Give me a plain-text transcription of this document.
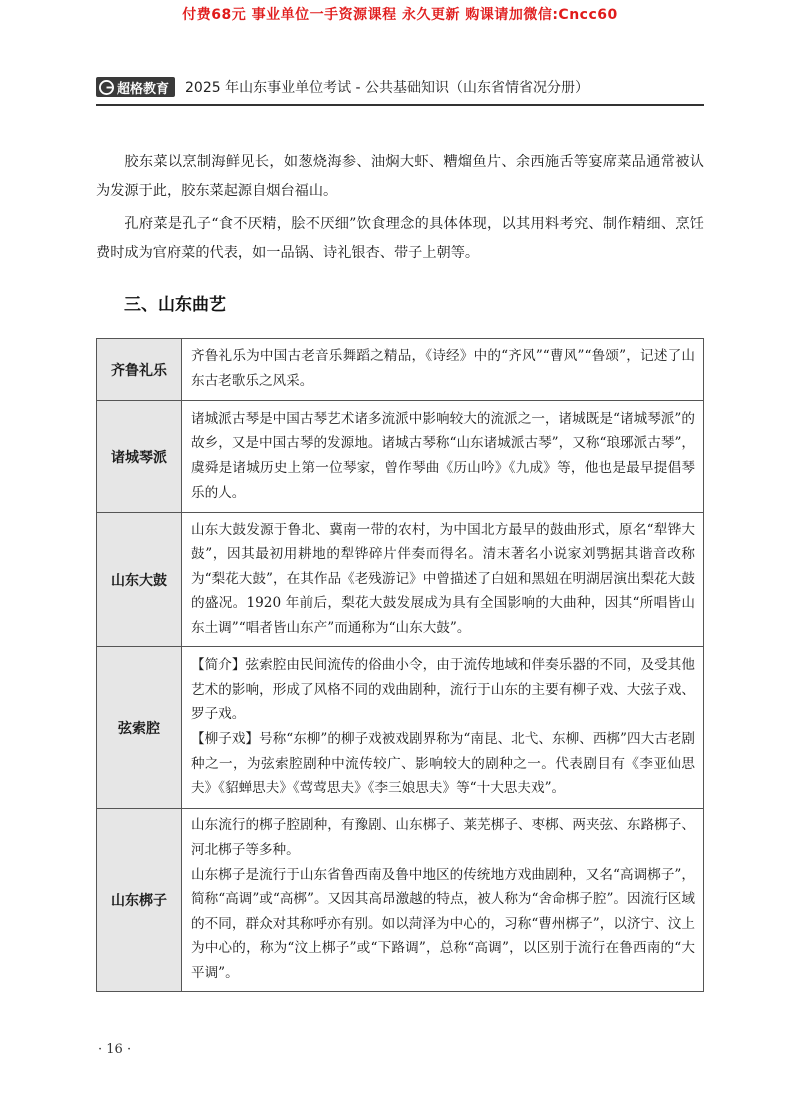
付费68元 事业单位一手资源课程 永久更新 购课请加微信:Cncc60
超格教育 2025 年山东事业单位考试 - 公共基础知识（山东省情省况分册）

胶东菜以烹制海鲜见长，如葱烧海参、油焖大虾、糟熘鱼片、余西施舌等宴席菜品通常被认为发源于此，胶东菜起源自烟台福山。

孔府菜是孔子“食不厌精，脍不厌细”饮食理念的具体体现，以其用料考究、制作精细、烹饪费时成为官府菜的代表，如一品锅、诗礼银杏、带子上朝等。

三、山东曲艺
齐鲁礼乐	齐鲁礼乐为中国古老音乐舞蹈之精品，《诗经》中的“齐风”“曹风”“鲁颂”，记述了山东古老歌乐之风采。

诸城琴派	诸城派古琴是中国古琴艺术诸多流派中影响较大的流派之一，诸城既是“诸城琴派”的故乡，又是中国古琴的发源地。诸城古琴称“山东诸城派古琴”，又称“琅琊派古琴”，虞舜是诸城历史上第一位琴家，曾作琴曲《历山吟》《九成》等，他也是最早提倡琴乐的人。

山东大鼓	山东大鼓发源于鲁北、冀南一带的农村，为中国北方最早的鼓曲形式，原名“犁铧大鼓”，因其最初用耕地的犁铧碎片伴奏而得名。清末著名小说家刘鹗据其谐音改称为“梨花大鼓”，在其作品《老残游记》中曾描述了白妞和黑妞在明湖居演出梨花大鼓的盛况。1920 年前后，梨花大鼓发展成为具有全国影响的大曲种，因其“所唱皆山东土调”“唱者皆山东产”而通称为“山东大鼓”。

弦索腔	【简介】弦索腔由民间流传的俗曲小令，由于流传地域和伴奏乐器的不同，及受其他艺术的影响，形成了风格不同的戏曲剧种，流行于山东的主要有柳子戏、大弦子戏、罗子戏。

【柳子戏】号称“东柳”的柳子戏被戏剧界称为“南昆、北弋、东柳、西梆”四大古老剧种之一，为弦索腔剧种中流传较广、影响较大的剧种之一。代表剧目有《李亚仙思夫》《貂蝉思夫》《莺莺思夫》《李三娘思夫》等“十大思夫戏”。

山东梆子	山东流行的梆子腔剧种，有豫剧、山东梆子、莱芜梆子、枣梆、两夹弦、东路梆子、河北梆子等多种。

山东梆子是流行于山东省鲁西南及鲁中地区的传统地方戏曲剧种，又名“高调梆子”，简称“高调”或“高梆”。又因其高昂激越的特点，被人称为“舍命梆子腔”。因流行区域的不同，群众对其称呼亦有别。如以菏泽为中心的，习称“曹州梆子”，以济宁、汶上为中心的，称为“汶上梆子”或“下路调”，总称“高调”，以区别于流行在鲁西南的“大平调”。

· 16 ·
